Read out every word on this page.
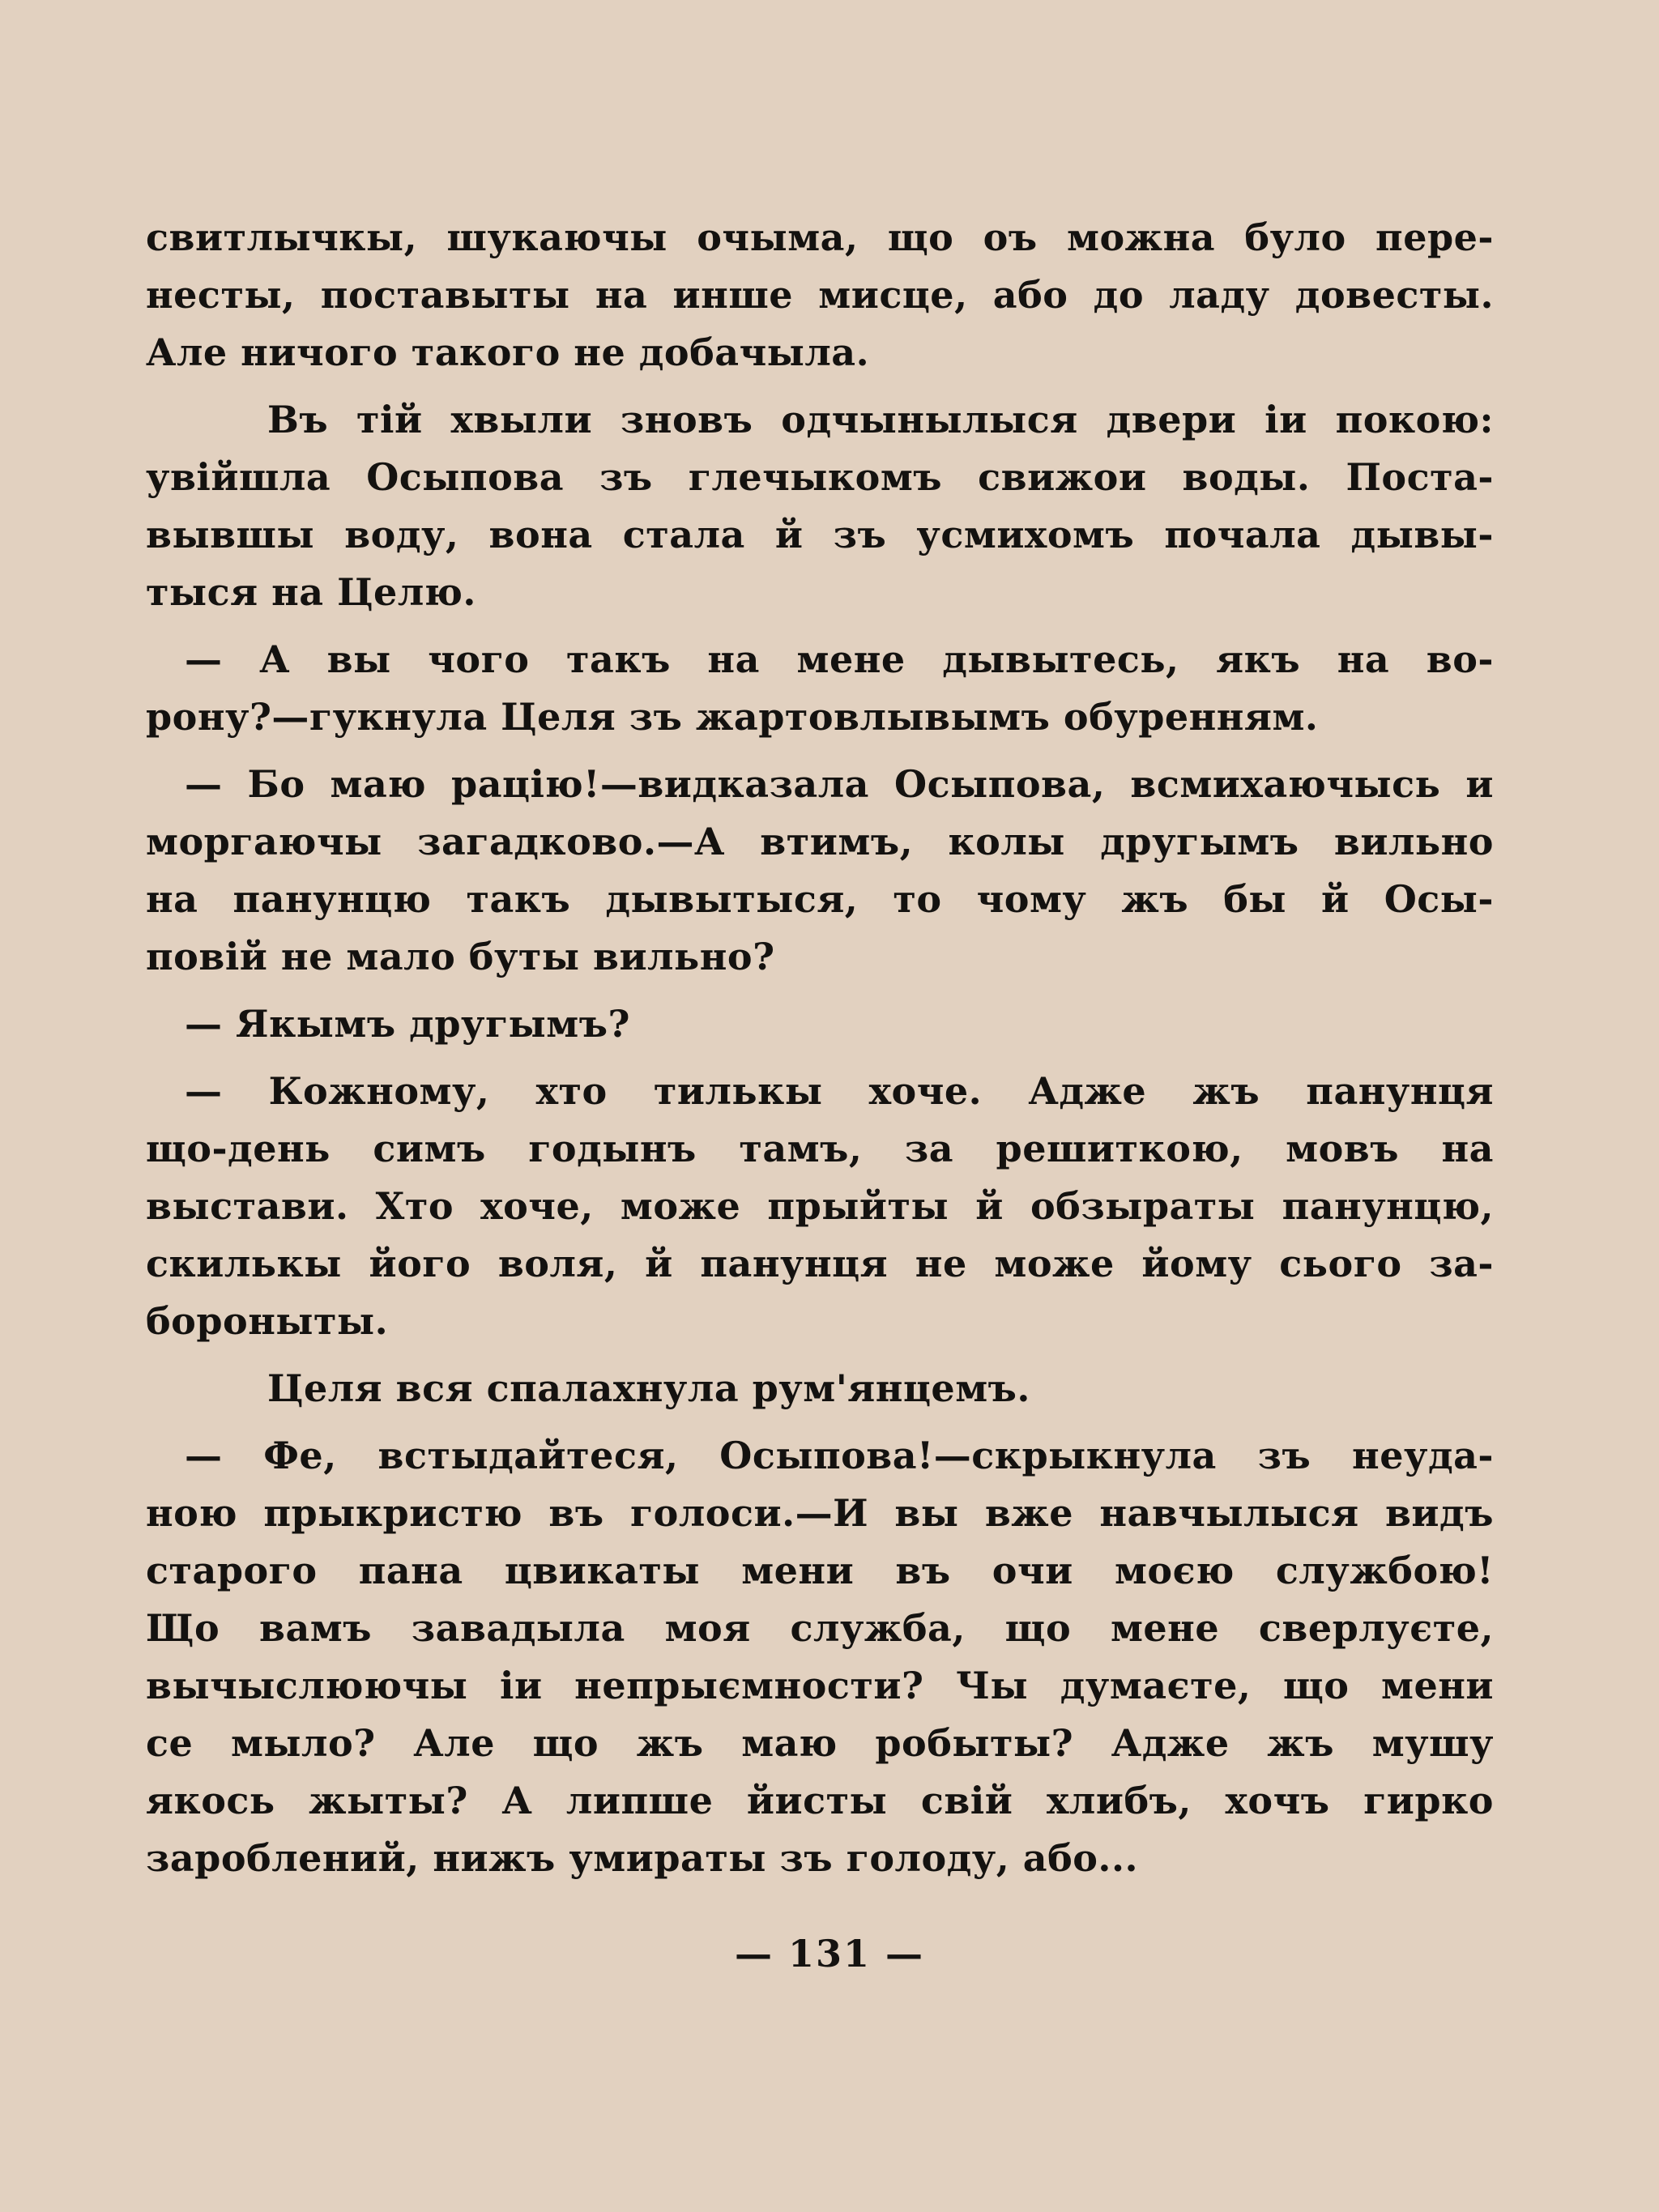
свитлычкы, шукаючы очыма, що оъ можна було пере-
несты, поставыты на инше мисце, або до ладу довесты.
Але ничого такого не добачыла.
Въ тій хвыли зновъ одчынылыся двери іи покою:
увійшла Осыпова зъ глечыкомъ свижои воды. Поста-
вывшы воду, вона стала й зъ усмихомъ почала дывы-
тыся на Целю.
— А вы чого такъ на мене дывытесь, якъ на во-
рону?—гукнула Целя зъ жартовлывымъ обуренням.
— Бо маю рацію!—видказала Осыпова, всмихаючысь и
моргаючы загадково.—А втимъ, колы другымъ вильно
на панунцю такъ дывытыся, то чому жъ бы й Осы-
повій не мало буты вильно?
— Якымъ другымъ?
— Кожному, хто тилькы хоче. Адже жъ панунця
що-день симъ годынъ тамъ, за решиткою, мовъ на
выстави. Хто хоче, може прыйты й обзыраты панунцю,
скилькы його воля, й панунця не може йому сього за-
бороныты.
Целя вся спалахнула рум'янцемъ.
— Фе, встыдайтеся, Осыпова!—скрыкнула зъ неуда-
ною прыкристю въ голоси.—И вы вже навчылыся видъ
старого пана цвикаты мени въ очи моєю службою!
Що вамъ завадыла моя служба, що мене сверлуєте,
вычыслюючы іи непрыємности? Чы думаєте, що мени
се мыло? Але що жъ маю робыты? Адже жъ мушу
якось жыты? А липше йисты свій хлибъ, хочъ гирко
зароблений, нижъ умираты зъ голоду, або...
— 131 —
